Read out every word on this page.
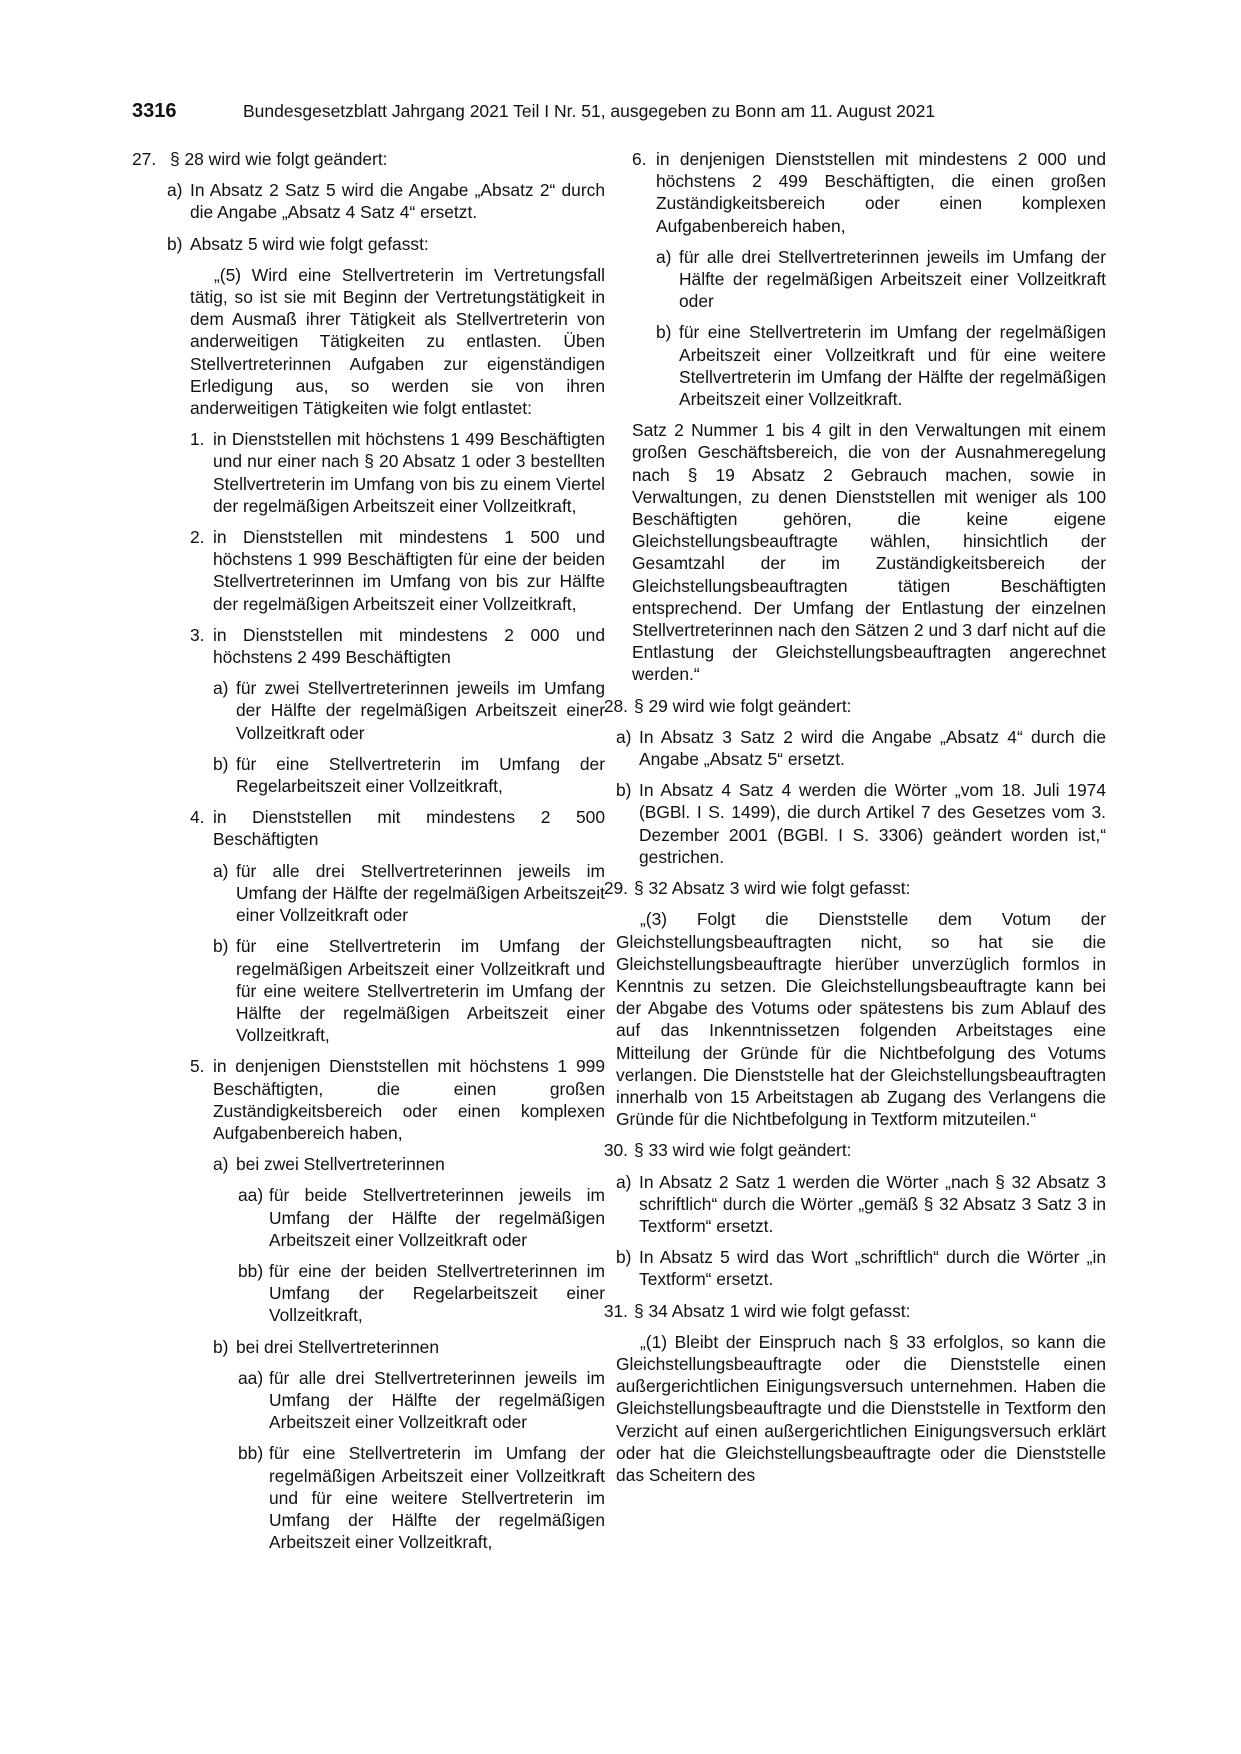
3316	Bundesgesetzblatt Jahrgang 2021 Teil I Nr. 51, ausgegeben zu Bonn am 11. August 2021
27. § 28 wird wie folgt geändert:
a) In Absatz 2 Satz 5 wird die Angabe „Absatz 2“ durch die Angabe „Absatz 4 Satz 4“ ersetzt.
b) Absatz 5 wird wie folgt gefasst:
„(5) Wird eine Stellvertreterin im Vertretungsfall tätig, so ist sie mit Beginn der Vertretungstätigkeit in dem Ausmaß ihrer Tätigkeit als Stellvertreterin von anderweitigen Tätigkeiten zu entlasten. Üben Stellvertreterinnen Aufgaben zur eigenständigen Erledigung aus, so werden sie von ihren anderweitigen Tätigkeiten wie folgt entlastet:
1. in Dienststellen mit höchstens 1 499 Beschäftigten und nur einer nach § 20 Absatz 1 oder 3 bestellten Stellvertreterin im Umfang von bis zu einem Viertel der regelmäßigen Arbeitszeit einer Vollzeitkraft,
2. in Dienststellen mit mindestens 1 500 und höchstens 1 999 Beschäftigten für eine der beiden Stellvertreterinnen im Umfang von bis zur Hälfte der regelmäßigen Arbeitszeit einer Vollzeitkraft,
3. in Dienststellen mit mindestens 2 000 und höchstens 2 499 Beschäftigten
a) für zwei Stellvertreterinnen jeweils im Umfang der Hälfte der regelmäßigen Arbeitszeit einer Vollzeitkraft oder
b) für eine Stellvertreterin im Umfang der Regelarbeitszeit einer Vollzeitkraft,
4. in Dienststellen mit mindestens 2 500 Beschäftigten
a) für alle drei Stellvertreterinnen jeweils im Umfang der Hälfte der regelmäßigen Arbeitszeit einer Vollzeitkraft oder
b) für eine Stellvertreterin im Umfang der regelmäßigen Arbeitszeit einer Vollzeitkraft und für eine weitere Stellvertreterin im Umfang der Hälfte der regelmäßigen Arbeitszeit einer Vollzeitkraft,
5. in denjenigen Dienststellen mit höchstens 1 999 Beschäftigten, die einen großen Zuständigkeitsbereich oder einen komplexen Aufgabenbereich haben,
a) bei zwei Stellvertreterinnen
aa) für beide Stellvertreterinnen jeweils im Umfang der Hälfte der regelmäßigen Arbeitszeit einer Vollzeitkraft oder
bb) für eine der beiden Stellvertreterinnen im Umfang der Regelarbeitszeit einer Vollzeitkraft,
b) bei drei Stellvertreterinnen
aa) für alle drei Stellvertreterinnen jeweils im Umfang der Hälfte der regelmäßigen Arbeitszeit einer Vollzeitkraft oder
bb) für eine Stellvertreterin im Umfang der regelmäßigen Arbeitszeit einer Vollzeitkraft und für eine weitere Stellvertreterin im Umfang der Hälfte der regelmäßigen Arbeitszeit einer Vollzeitkraft,
6. in denjenigen Dienststellen mit mindestens 2 000 und höchstens 2 499 Beschäftigten, die einen großen Zuständigkeitsbereich oder einen komplexen Aufgabenbereich haben,
a) für alle drei Stellvertreterinnen jeweils im Umfang der Hälfte der regelmäßigen Arbeitszeit einer Vollzeitkraft oder
b) für eine Stellvertreterin im Umfang der regelmäßigen Arbeitszeit einer Vollzeitkraft und für eine weitere Stellvertreterin im Umfang der Hälfte der regelmäßigen Arbeitszeit einer Vollzeitkraft.
Satz 2 Nummer 1 bis 4 gilt in den Verwaltungen mit einem großen Geschäftsbereich, die von der Ausnahmeregelung nach § 19 Absatz 2 Gebrauch machen, sowie in Verwaltungen, zu denen Dienststellen mit weniger als 100 Beschäftigten gehören, die keine eigene Gleichstellungsbeauftragte wählen, hinsichtlich der Gesamtzahl der im Zuständigkeitsbereich der Gleichstellungsbeauftragten tätigen Beschäftigten entsprechend. Der Umfang der Entlastung der einzelnen Stellvertreterinnen nach den Sätzen 2 und 3 darf nicht auf die Entlastung der Gleichstellungsbeauftragten angerechnet werden.“
28. § 29 wird wie folgt geändert:
a) In Absatz 3 Satz 2 wird die Angabe „Absatz 4“ durch die Angabe „Absatz 5“ ersetzt.
b) In Absatz 4 Satz 4 werden die Wörter „vom 18. Juli 1974 (BGBl. I S. 1499), die durch Artikel 7 des Gesetzes vom 3. Dezember 2001 (BGBl. I S. 3306) geändert worden ist,“ gestrichen.
29. § 32 Absatz 3 wird wie folgt gefasst:
„(3) Folgt die Dienststelle dem Votum der Gleichstellungsbeauftragten nicht, so hat sie die Gleichstellungsbeauftragte hierüber unverzüglich formlos in Kenntnis zu setzen. Die Gleichstellungsbeauftragte kann bei der Abgabe des Votums oder spätestens bis zum Ablauf des auf das Inkenntnissetzen folgenden Arbeitstages eine Mitteilung der Gründe für die Nichtbefolgung des Votums verlangen. Die Dienststelle hat der Gleichstellungsbeauftragten innerhalb von 15 Arbeitstagen ab Zugang des Verlangens die Gründe für die Nichtbefolgung in Textform mitzuteilen.“
30. § 33 wird wie folgt geändert:
a) In Absatz 2 Satz 1 werden die Wörter „nach § 32 Absatz 3 schriftlich“ durch die Wörter „gemäß § 32 Absatz 3 Satz 3 in Textform“ ersetzt.
b) In Absatz 5 wird das Wort „schriftlich“ durch die Wörter „in Textform“ ersetzt.
31. § 34 Absatz 1 wird wie folgt gefasst:
„(1) Bleibt der Einspruch nach § 33 erfolglos, so kann die Gleichstellungsbeauftragte oder die Dienststelle einen außergerichtlichen Einigungsversuch unternehmen. Haben die Gleichstellungsbeauftragte und die Dienststelle in Textform den Verzicht auf einen außergerichtlichen Einigungsversuch erklärt oder hat die Gleichstellungsbeauftragte oder die Dienststelle das Scheitern des
